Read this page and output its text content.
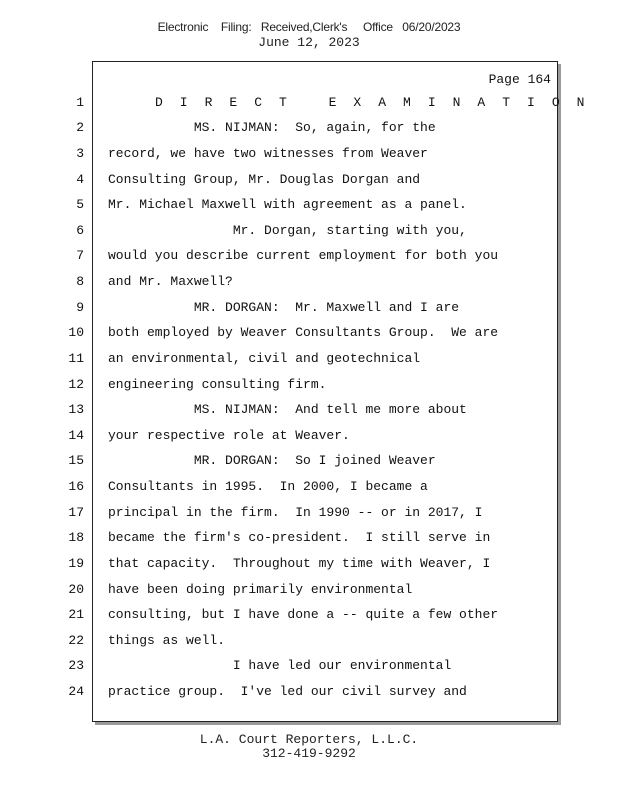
Electronic    Filing:   Received,Clerk's     Office   06/20/2023
June 12, 2023
Page 164
1
2
3
4
5
6
7
8
9
10
11
12
13
14
15
16
17
18
19
20
21
22
23
24
D I R E C T   E X A M I N A T I O N
MS. NIJMAN:  So, again, for the
record, we have two witnesses from Weaver
Consulting Group, Mr. Douglas Dorgan and
Mr. Michael Maxwell with agreement as a panel.
Mr. Dorgan, starting with you,
would you describe current employment for both you
and Mr. Maxwell?
MR. DORGAN:  Mr. Maxwell and I are
both employed by Weaver Consultants Group.  We are
an environmental, civil and geotechnical
engineering consulting firm.
MS. NIJMAN:  And tell me more about
your respective role at Weaver.
MR. DORGAN:  So I joined Weaver
Consultants in 1995.  In 2000, I became a
principal in the firm.  In 1990 -- or in 2017, I
became the firm's co-president.  I still serve in
that capacity.  Throughout my time with Weaver, I
have been doing primarily environmental
consulting, but I have done a -- quite a few other
things as well.
I have led our environmental
practice group.  I've led our civil survey and
L.A. Court Reporters, L.L.C.
312-419-9292
